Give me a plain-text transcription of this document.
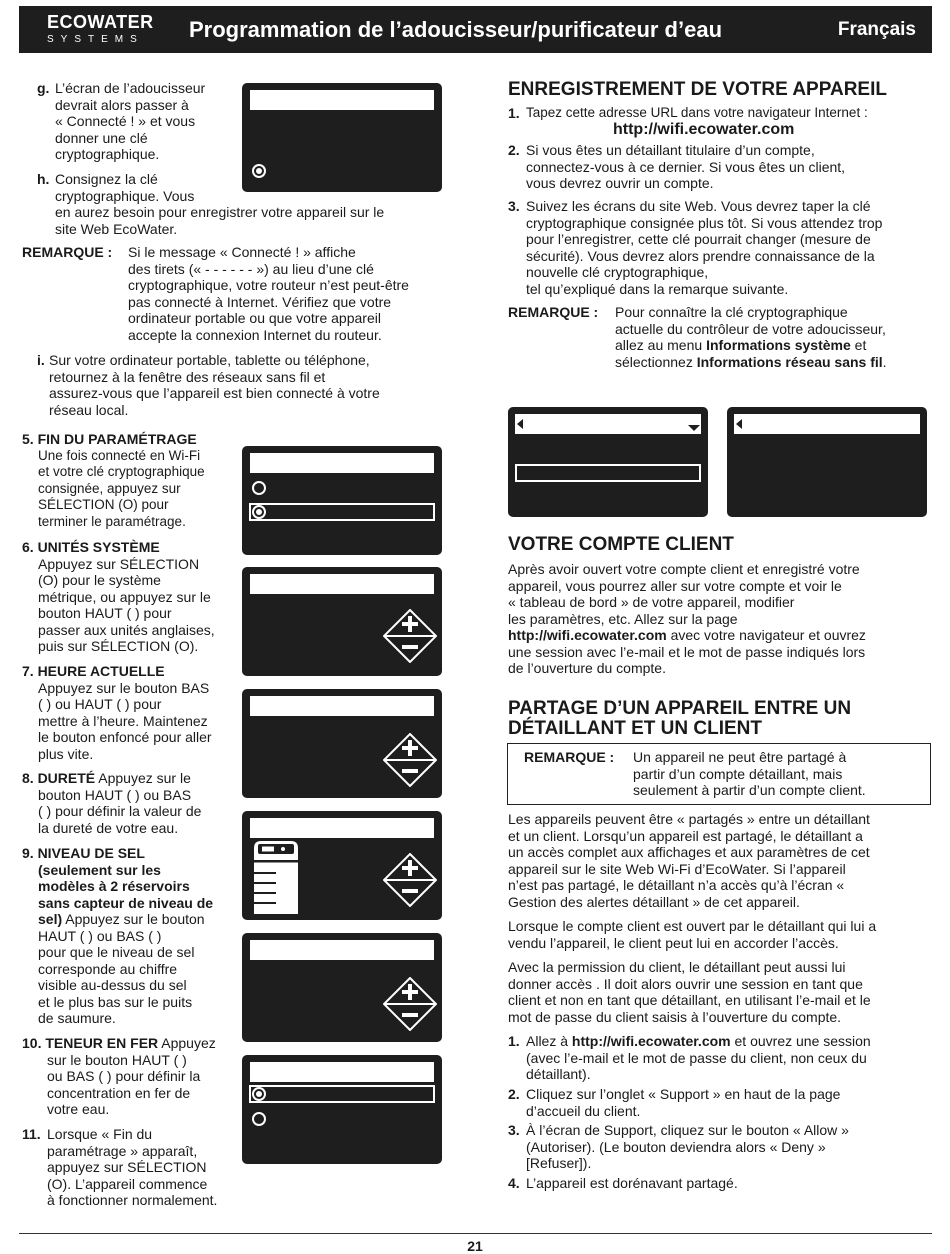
ECOWATER
SYSTEMS	Programmation de l’adoucisseur/purificateur d’eau	Français
g. L’écran de l’adoucisseur
devrait alors passer à
« Connecté ! » et vous
donner une clé
cryptographique.
h. Consignez la clé
cryptographique. Vous
en aurez besoin pour enregistrer votre appareil sur le
site Web EcoWater.
REMARQUE : Si le message « Connecté ! » affiche
des tirets (« - - - - - - ») au lieu d’une clé
cryptographique, votre routeur n’est peut-être
pas connecté à Internet. Vérifiez que votre
ordinateur portable ou que votre appareil
accepte la connexion Internet du routeur.
i. Sur votre ordinateur portable, tablette ou téléphone,
retournez à la fenêtre des réseaux sans fil et
assurez-vous que l’appareil est bien connecté à votre
réseau local.
5. FIN DU PARAMÉTRAGE
Une fois connecté en Wi-Fi
et votre clé cryptographique
consignée, appuyez sur
SÉLECTION (O) pour
terminer le paramétrage.
6. UNITÉS SYSTÈME
Appuyez sur SÉLECTION
(O) pour le système
métrique, ou appuyez sur le
bouton HAUT ( ) pour
passer aux unités anglaises,
puis sur SÉLECTION (O).
7. HEURE ACTUELLE
Appuyez sur le bouton BAS
( ) ou HAUT ( ) pour
mettre à l’heure. Maintenez
le bouton enfoncé pour aller
plus vite.
8. DURETÉ Appuyez sur le
bouton HAUT ( ) ou BAS
( ) pour définir la valeur de
la dureté de votre eau.
9. NIVEAU DE SEL
(seulement sur les
modèles à 2 réservoirs
sans capteur de niveau de
sel) Appuyez sur le bouton
HAUT ( ) ou BAS ( )
pour que le niveau de sel
corresponde au chiffre
visible au-dessus du sel
et le plus bas sur le puits
de saumure.
10. TENEUR EN FER Appuyez
sur le bouton HAUT ( )
ou BAS ( ) pour définir la
concentration en fer de
votre eau.
11. Lorsque « Fin du
paramétrage » apparaît,
appuyez sur SÉLECTION
(O). L’appareil commence
à fonctionner normalement.
ENREGISTREMENT DE VOTRE APPAREIL
1. Tapez cette adresse URL dans votre navigateur Internet :
http://wifi.ecowater.com
2. Si vous êtes un détaillant titulaire d’un compte,
connectez-vous à ce dernier. Si vous êtes un client,
vous devrez ouvrir un compte.
3. Suivez les écrans du site Web. Vous devrez taper la clé
cryptographique consignée plus tôt. Si vous attendez trop
pour l’enregistrer, cette clé pourrait changer (mesure de
sécurité). Vous devrez alors prendre connaissance de la
nouvelle clé cryptographique,
tel qu’expliqué dans la remarque suivante.
REMARQUE : Pour connaître la clé cryptographique
actuelle du contrôleur de votre adoucisseur,
allez au menu Informations système et
sélectionnez Informations réseau sans fil.
VOTRE COMPTE CLIENT
Après avoir ouvert votre compte client et enregistré votre
appareil, vous pourrez aller sur votre compte et voir le
« tableau de bord » de votre appareil, modifier
les paramètres, etc. Allez sur la page
http://wifi.ecowater.com avec votre navigateur et ouvrez
une session avec l’e-mail et le mot de passe indiqués lors
de l’ouverture du compte.
PARTAGE D’UN APPAREIL ENTRE UN
DÉTAILLANT ET UN CLIENT
REMARQUE : Un appareil ne peut être partagé à
partir d’un compte détaillant, mais
seulement à partir d’un compte client.
Les appareils peuvent être « partagés » entre un détaillant
et un client. Lorsqu’un appareil est partagé, le détaillant a
un accès complet aux affichages et aux paramètres de cet
appareil sur le site Web Wi-Fi d’EcoWater. Si l’appareil
n’est pas partagé, le détaillant n’a accès qu’à l’écran «
Gestion des alertes détaillant » de cet appareil.
Lorsque le compte client est ouvert par le détaillant qui lui a
vendu l’appareil, le client peut lui en accorder l’accès.
Avec la permission du client, le détaillant peut aussi lui
donner accès . Il doit alors ouvrir une session en tant que
client et non en tant que détaillant, en utilisant l’e-mail et le
mot de passe du client saisis à l’ouverture du compte.
1. Allez à http://wifi.ecowater.com et ouvrez une session
(avec l’e-mail et le mot de passe du client, non ceux du
détaillant).
2. Cliquez sur l’onglet « Support » en haut de la page
d’accueil du client.
3. À l’écran de Support, cliquez sur le bouton « Allow »
(Autoriser). (Le bouton deviendra alors « Deny »
[Refuser]).
4. L’appareil est dorénavant partagé.
21
